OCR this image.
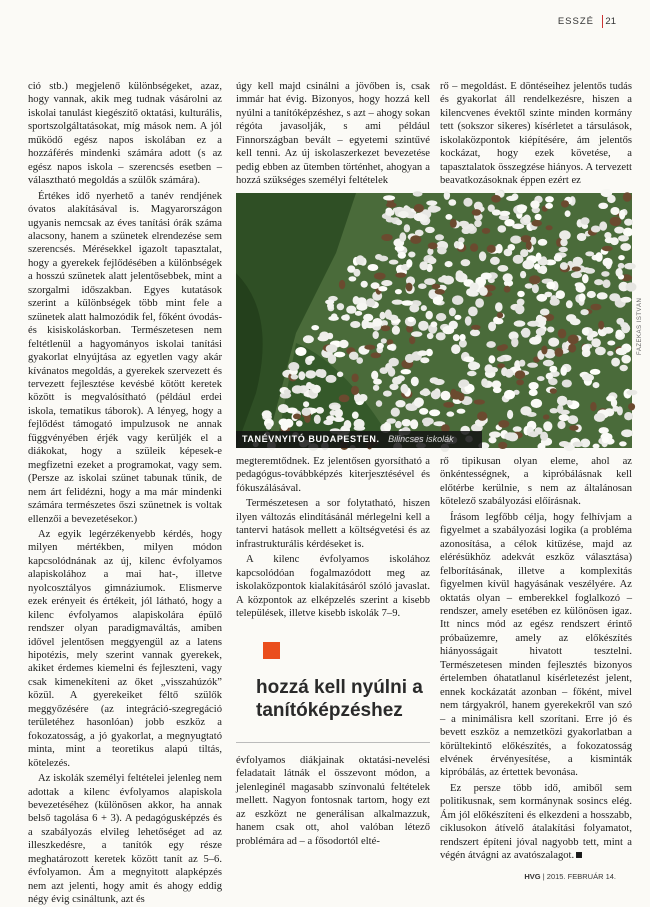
ESSZÉ 21

ció stb.) megjelenő különbségeket, azaz, hogy vannak, akik meg tudnak vásárolni az iskolai tanulást kiegészítő oktatási, kulturális, sportszolgáltatásokat, míg mások nem. A jól működő egész napos iskolában ez a hozzáférés mindenki számára adott (s az egész napos iskola – szerencsés esetben – választható megoldás a szülők számára).

Értékes idő nyerhető a tanév rendjének óvatos alakításával is. Magyarországon ugyanis nemcsak az éves tanítási órák száma alacsony, hanem a szünetek elrendezése sem szerencsés. Mérésekkel igazolt tapasztalat, hogy a gyerekek fejlődésében a különbségek a hosszú szünetek alatt jelentősebbek, mint a szorgalmi időszakban. Egyes kutatások szerint a különbségek több mint fele a szünetek alatt halmozódik fel, főként óvodás- és kisiskoláskorban. Természetesen nem feltétlenül a hagyományos iskolai tanítási gyakorlat elnyújtása az egyetlen vagy akár kívánatos megoldás, a gyerekek szervezett és tervezett fejlesztése kevésbé kötött keretek között is megvalósítható (például erdei iskola, tematikus táborok). A lényeg, hogy a fejlődést támogató impulzusok ne annak függvényében érjék vagy kerüljék el a diákokat, hogy a szüleik képesek-e megfizetni ezeket a programokat, vagy sem. (Persze az iskolai szünet tabunak tűnik, de nem árt felidézni, hogy a ma már mindenki számára természetes őszi szünetnek is voltak ellenzői a bevezetésekor.)

Az egyik legérzékenyebb kérdés, hogy milyen mértékben, milyen módon kapcsolódnának az új, kilenc évfolyamos alapiskolához a mai hat-, illetve nyolcosztályos gimnáziumok. Elismerve ezek erényeit és értékeit, jól látható, hogy a kilenc évfolyamos alapiskolára épülő rendszer olyan paradigmaváltás, amiben idővel jelentősen meggyengül az a latens hipotézis, mely szerint vannak gyerekek, akiket érdemes kiemelni és fejleszteni, vagy csak kimenekíteni az őket „visszahúzók” közül. A gyerekeiket féltő szülők meggyőzésére (az integráció-szegregáció területéhez hasonlóan) jobb eszköz a fokozatosság, a jó gyakorlat, a megnyugtató minta, mint a teoretikus alapú tiltás, kötelezés.

Az iskolák személyi feltételei jelenleg nem adottak a kilenc évfolyamos alapiskola bevezetéséhez (különösen akkor, ha annak belső tagolása 6 + 3). A pedagógusképzés és a szabályozás elvileg lehetőséget ad az illeszkedésre, a tanítók egy része meghatározott keretek között tanít az 5–6. évfolyamon. Ám a megnyitott alapképzés nem azt jelenti, hogy amit és ahogy eddig négy évig csináltunk, azt és

úgy kell majd csinálni a jövőben is, csak immár hat évig. Bizonyos, hogy hozzá kell nyúlni a tanítóképzéshez, s azt – ahogy sokan régóta javasolják, s ami például Finnországban bevált – egyetemi szintűvé kell tenni. Az új iskolaszerkezet bevezetése pedig ebben az ütemben történhet, ahogyan a hozzá szükséges személyi feltételek

rő – megoldást. E döntéseihez jelentős tudás és gyakorlat áll rendelkezésre, hiszen a kilencvenes évektől szinte minden kormány tett (sokszor sikeres) kísérletet a társulások, iskolaközpontok kiépítésére, ám jelentős kockázat, hogy ezek követése, a tapasztalatok összegzése hiányos. A tervezett beavatkozásoknak éppen ezért ez

TANÉVNYITÓ BUDAPESTEN. Bilincses iskolák
FAZEKAS ISTVÁN

megteremtődnek. Ez jelentősen gyorsítható a pedagógus-továbbképzés kiterjesztésével és fókuszálásával.

Természetesen a sor folytatható, hiszen ilyen változás elindításánál mérlegelni kell a tantervi hatások mellett a költségvetési és az infrastrukturális kérdéseket is.

A kilenc évfolyamos iskolához kapcsolódóan fogalmazódott meg az iskolaközpontok kialakításáról szóló javaslat. A központok az elképzelés szerint a kisebb települések, illetve kisebb iskolák 7–9.

hozzá kell nyúlni a tanítóképzéshez

évfolyamos diákjainak oktatási-nevelési feladatait látnák el összevont módon, a jelenleginél magasabb színvonalú feltételek mellett. Nagyon fontosnak tartom, hogy ezt az eszközt ne generálisan alkalmazzuk, hanem csak ott, ahol valóban létező problémára ad – a fősodortól elté-

rő tipikusan olyan eleme, ahol az önkéntességnek, a kipróbálásnak kell előtérbe kerülnie, s nem az általánosan kötelező szabályozási előírásnak.

Írásom legfőbb célja, hogy felhívjam a figyelmet a szabályozási logika (a probléma azonosítása, a célok kitűzése, majd az elérésükhöz adekvát eszköz választása) felborításának, illetve a komplexitás figyelmen kívül hagyásának veszélyére. Az oktatás olyan – emberekkel foglalkozó – rendszer, amely esetében ez különösen igaz. Itt nincs mód az egész rendszert érintő próbaüzemre, amely az előkészítés hiányosságait hivatott tesztelni. Természetesen minden fejlesztés bizonyos értelemben óhatatlanul kísérletezést jelent, ennek kockázatát azonban – főként, mivel nem tárgyakról, hanem gyerekekről van szó – a minimálisra kell szorítani. Erre jó és bevett eszköz a nemzetközi gyakorlatban a körültekintő előkészítés, a fokozatosság elvének érvényesítése, a kisminták kipróbálás, az értettek bevonása.

Ez persze több idő, amiből sem politikusnak, sem kormánynak sosincs elég. Ám jól előkészíteni és elkezdeni a hosszabb, ciklusokon átívelő átalakítási folyamatot, rendszert építeni jóval nagyobb tett, mint a végén átvágni az avatószalagot.

HVG | 2015. FEBRUÁR 14.
